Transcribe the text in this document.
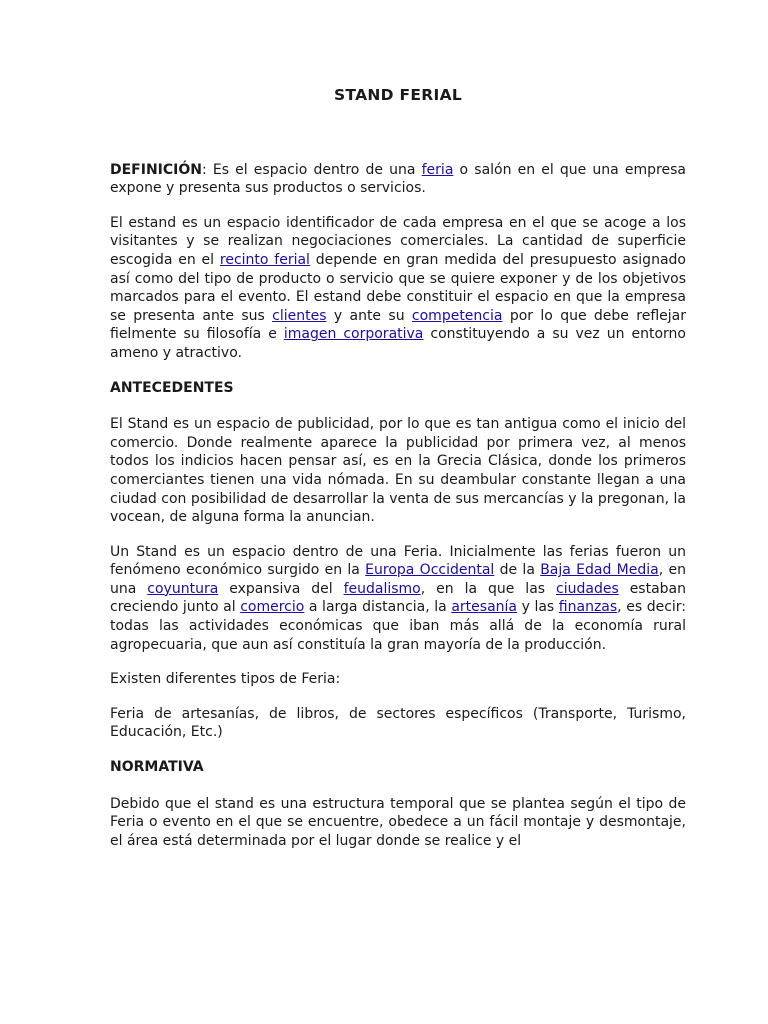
STAND FERIAL

DEFINICIÓN: Es el espacio dentro de una feria o salón en el que una empresa expone y presenta sus productos o servicios.

El estand es un espacio identificador de cada empresa en el que se acoge a los visitantes y se realizan negociaciones comerciales. La cantidad de superficie escogida en el recinto ferial depende en gran medida del presupuesto asignado así como del tipo de producto o servicio que se quiere exponer y de los objetivos marcados para el evento. El estand debe constituir el espacio en que la empresa se presenta ante sus clientes y ante su competencia por lo que debe reflejar fielmente su filosofía e imagen corporativa constituyendo a su vez un entorno ameno y atractivo.

ANTECEDENTES

El Stand es un espacio de publicidad, por lo que es tan antigua como el inicio del comercio. Donde realmente aparece la publicidad por primera vez, al menos todos los indicios hacen pensar así, es en la Grecia Clásica, donde los primeros comerciantes tienen una vida nómada. En su deambular constante llegan a una ciudad con posibilidad de desarrollar la venta de sus mercancías y la pregonan, la vocean, de alguna forma la anuncian.

Un Stand es un espacio dentro de una Feria. Inicialmente las ferias fueron un fenómeno económico surgido en la Europa Occidental de la Baja Edad Media, en una coyuntura expansiva del feudalismo, en la que las ciudades estaban creciendo junto al comercio a larga distancia, la artesanía y las finanzas, es decir: todas las actividades económicas que iban más allá de la economía rural agropecuaria, que aun así constituía la gran mayoría de la producción.

Existen diferentes tipos de Feria:

Feria de artesanías, de libros, de sectores específicos (Transporte, Turismo, Educación, Etc.)

NORMATIVA

Debido que el stand es una estructura temporal que se plantea según el tipo de Feria o evento en el que se encuentre, obedece a un fácil montaje y desmontaje, el área está determinada por el lugar donde se realice y el
